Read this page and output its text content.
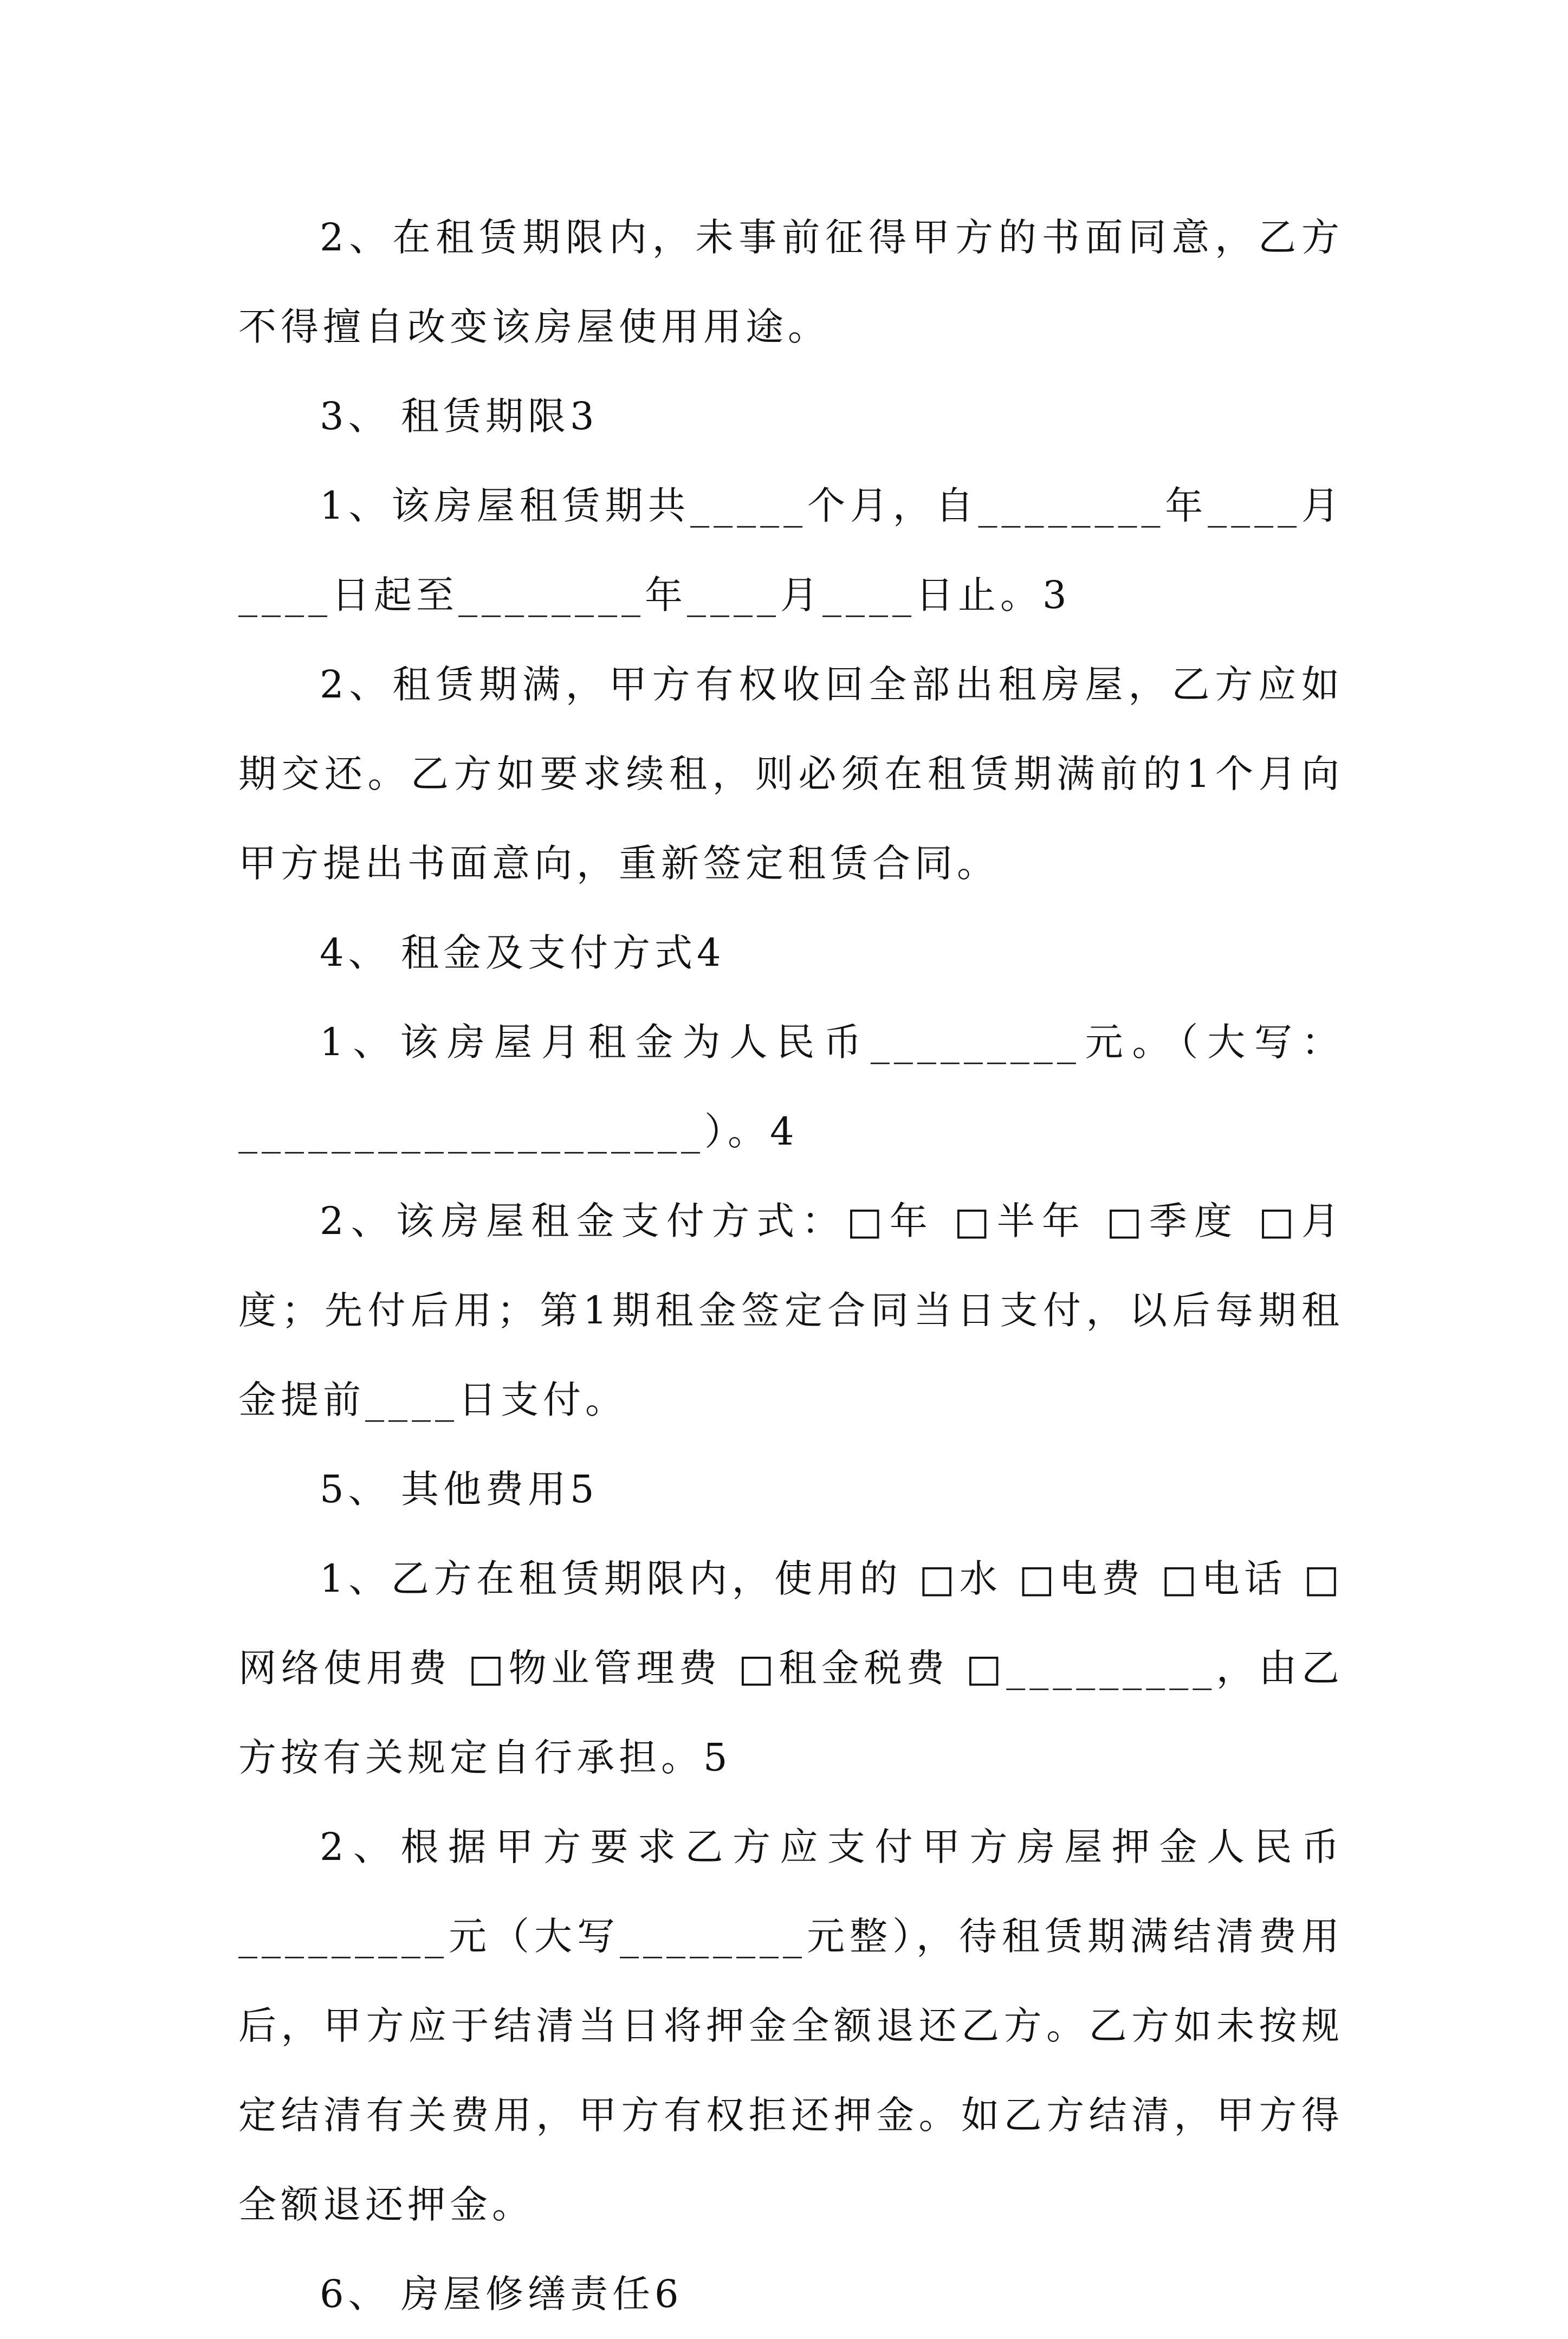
2、在租赁期限内，未事前征得甲方的书面同意，乙方不得擅自改变该房屋使用用途。

3、 租赁期限3

1、该房屋租赁期共_____个月，自________年____月____日起至________年____月____日止。3

2、租赁期满，甲方有权收回全部出租房屋，乙方应如期交还。乙方如要求续租，则必须在租赁期满前的1个月向甲方提出书面意向，重新签定租赁合同。

4、 租金及支付方式4

1、该房屋月租金为人民币_________元。（大写：____________________）。4

2、该房屋租金支付方式：□年 □半年 □季度 □月度；先付后用；第1期租金签定合同当日支付，以后每期租金提前____日支付。

5、 其他费用5

1、乙方在租赁期限内，使用的 □水 □电费 □电话 □网络使用费 □物业管理费 □租金税费 □_________，由乙方按有关规定自行承担。5

2、根据甲方要求乙方应支付甲方房屋押金人民币_________元（大写________元整），待租赁期满结清费用后，甲方应于结清当日将押金全额退还乙方。乙方如未按规定结清有关费用，甲方有权拒还押金。如乙方结清，甲方得全额退还押金。

6、 房屋修缮责任6
